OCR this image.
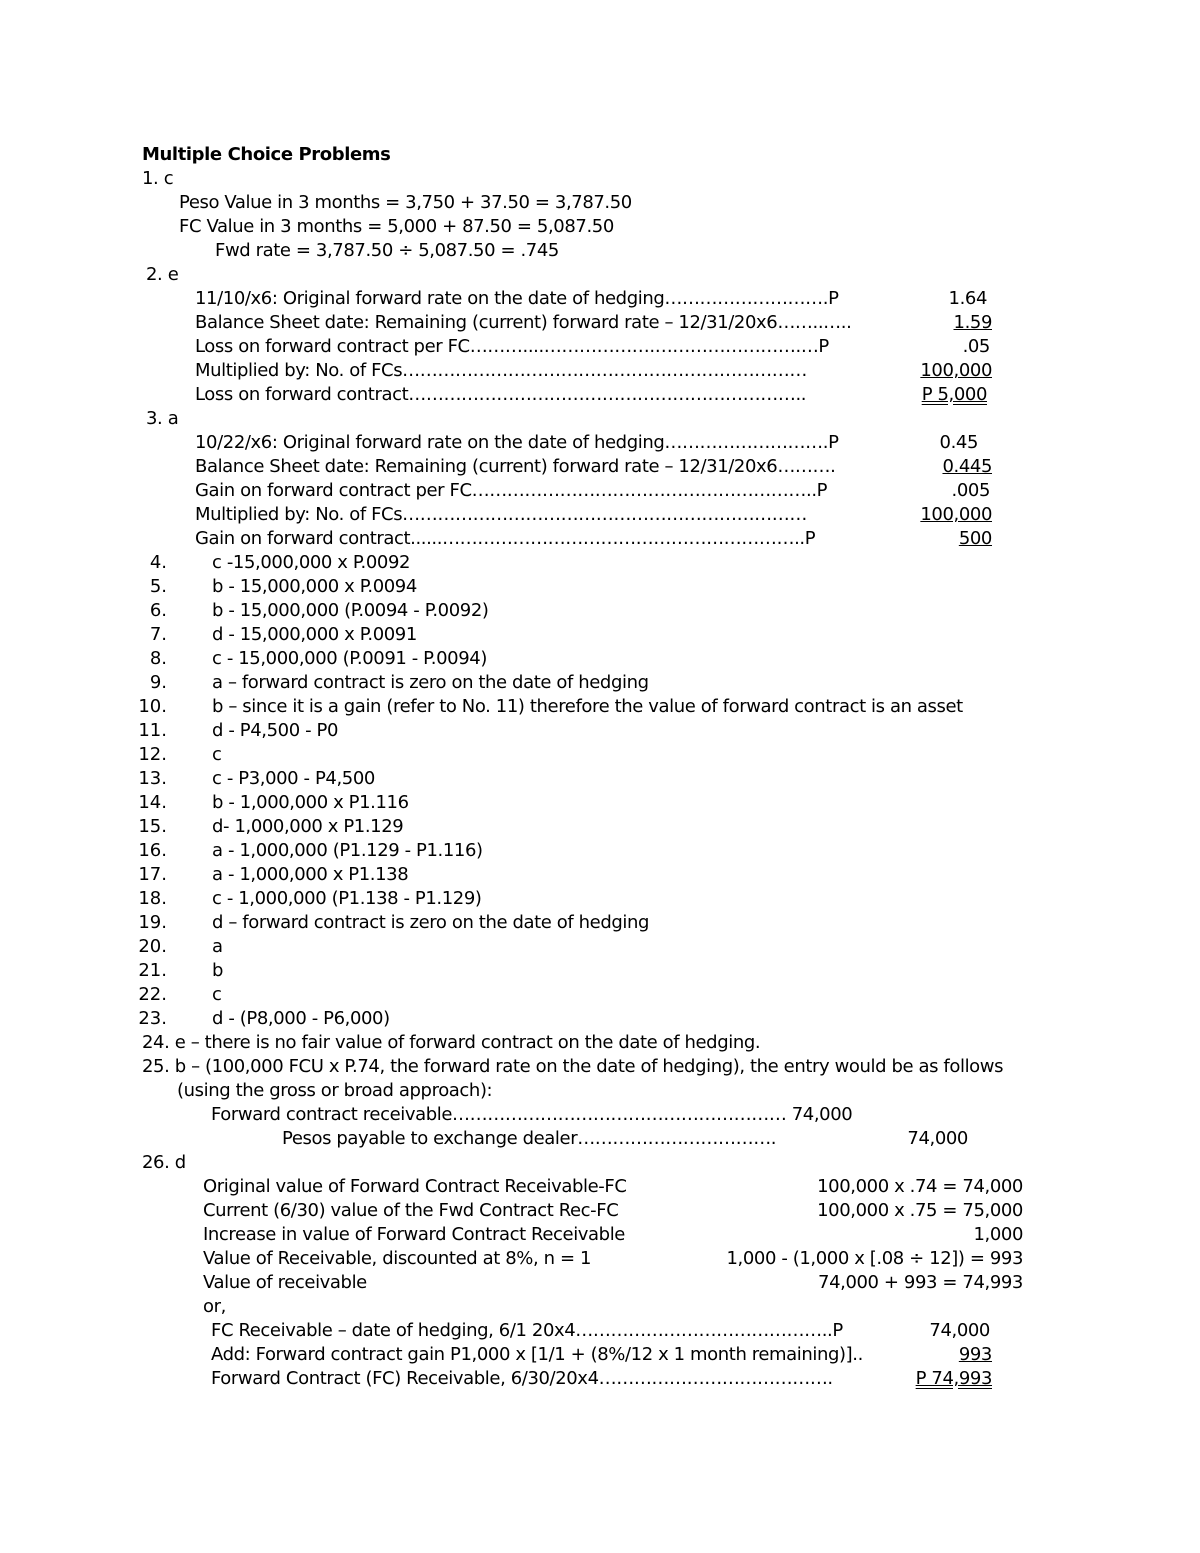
Multiple Choice Problems
1. c
Peso Value in 3 months = 3,750 + 37.50 = 3,787.50
FC Value in 3 months = 5,000 + 87.50 = 5,087.50
Fwd rate = 3,787.50 ÷ 5,087.50 = .745
2. e
11/10/x6: Original forward rate on the date of hedging……………………….P	1.64
Balance Sheet date: Remaining (current) forward rate – 12/31/20x6……..…..	1.59
Loss on forward contract per FC………....……………….…………………….…P	.05
Multiplied by: No. of FCs……………………………………………………………	100,000
Loss on forward contract…………………………………………………………..	P 5,000
3. a
10/22/x6: Original forward rate on the date of hedging……………………….P	0.45
Balance Sheet date: Remaining (current) forward rate – 12/31/20x6……….	0.445
Gain on forward contract per FC…………………………………………………..P	.005
Multiplied by: No. of FCs……………………………………………………………	100,000
Gain on forward contract......……………………………………………………..P	500
4.	c -15,000,000 x P.0092
5.	b - 15,000,000 x P.0094
6.	b - 15,000,000 (P.0094 - P.0092)
7.	d - 15,000,000 x P.0091
8.	c - 15,000,000 (P.0091 - P.0094)
9.	a – forward contract is zero on the date of hedging
10.	b – since it is a gain (refer to No. 11) therefore the value of forward contract is an asset
11.	d - P4,500 - P0
12.	c
13.	c - P3,000 - P4,500
14.	b - 1,000,000 x P1.116
15.	d- 1,000,000 x P1.129
16.	a - 1,000,000 (P1.129 - P1.116)
17.	a - 1,000,000 x P1.138
18.	c - 1,000,000 (P1.138 - P1.129)
19.	d – forward contract is zero on the date of hedging
20.	a
21.	b
22.	c
23.	d - (P8,000 - P6,000)
24. e – there is no fair value of forward contract on the date of hedging.
25. b – (100,000 FCU x P.74, the forward rate on the date of hedging), the entry would be as follows
(using the gross or broad approach):
Forward contract receivable………………………………………………… 74,000
Pesos payable to exchange dealer…………………………….	74,000
26. d
Original value of Forward Contract Receivable-FC	100,000 x .74 = 74,000
Current (6/30) value of the Fwd Contract Rec-FC	100,000 x .75 = 75,000
Increase in value of Forward Contract Receivable	1,000
Value of Receivable, discounted at 8%, n = 1	1,000 - (1,000 x [.08 ÷ 12]) = 993
Value of receivable	74,000 + 993 = 74,993
or,
FC Receivable – date of hedging, 6/1 20x4……………………………………..P	74,000
Add: Forward contract gain P1,000 x [1/1 + (8%/12 x 1 month remaining)]..	993
Forward Contract (FC) Receivable, 6/30/20x4………………………………….	P 74,993
